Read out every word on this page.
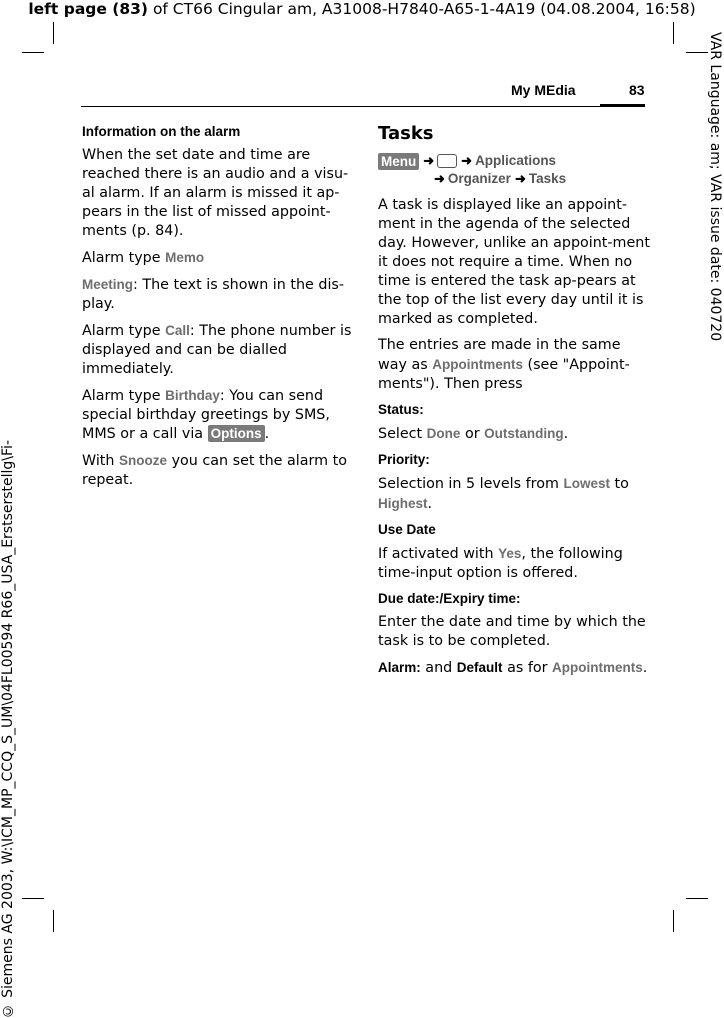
left page (83) of CT66 Cingular am, A31008-H7840-A65-1-4A19 (04.08.2004, 16:58)
VAR Language: am; VAR issue date: 040720
© Siemens AG 2003, W:\ICM_MP_CCQ_S_UM\04FL00594 R66_USA_Erstserstellg\Fi-
My MEdia	83
Information on the alarm

When the set date and time are reached there is an audio and a visu-al alarm. If an alarm is missed it ap-pears in the list of missed appoint-ments (p. 84).

Alarm type Memo

Meeting: The text is shown in the dis-play.

Alarm type Call: The phone number is displayed and can be dialled immediately.

Alarm type Birthday: You can send special birthday greetings by SMS, MMS or a call via Options .

With Snooze you can set the alarm to repeat.

Tasks
Menu ➜ ➜ Applications
➜ Organizer ➜ Tasks

A task is displayed like an appoint-ment in the agenda of the selected day. However, unlike an appoint-ment it does not require a time. When no time is entered the task ap-pears at the top of the list every day until it is marked as completed.

The entries are made in the same way as Appointments (see "Appoint-ments"). Then press

Status:

Select Done or Outstanding.

Priority:

Selection in 5 levels from Lowest to Highest.

Use Date

If activated with Yes, the following time-input option is offered.

Due date:/Expiry time:

Enter the date and time by which the task is to be completed.

Alarm: and Default as for Appointments.
